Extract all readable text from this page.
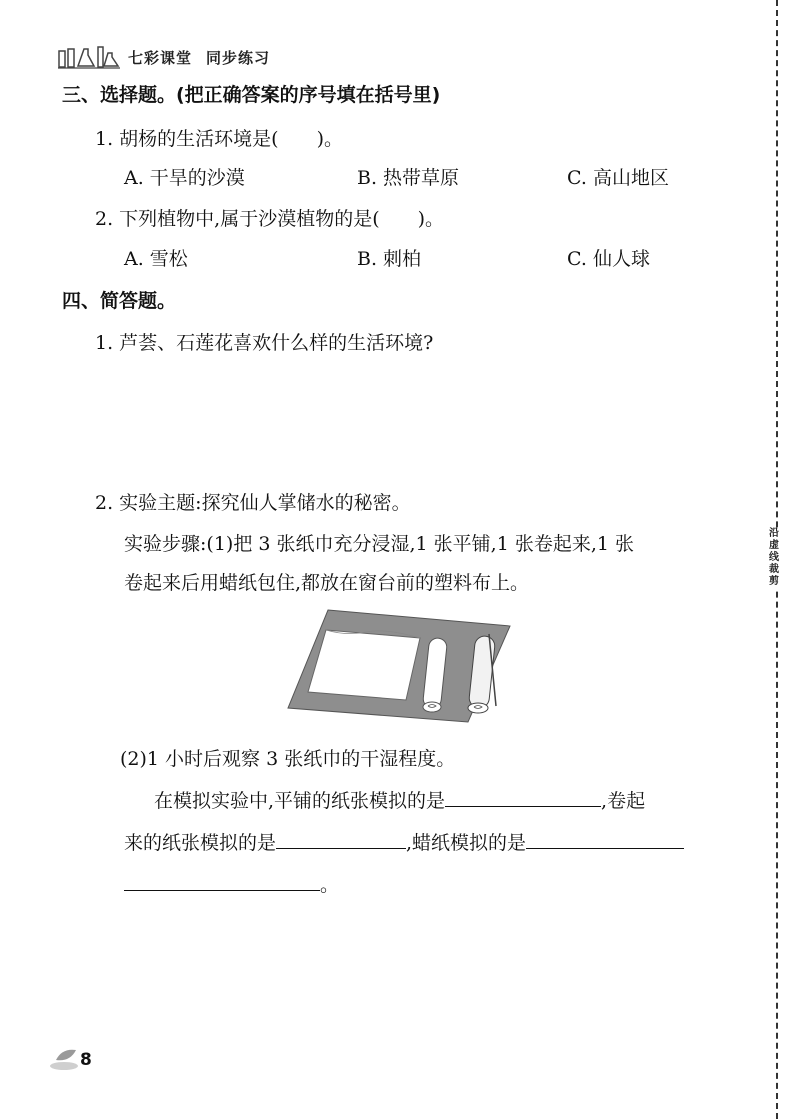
七彩课堂 同步练习
三、选择题。(把正确答案的序号填在括号里)
1. 胡杨的生活环境是(　　)。
A. 干旱的沙漠	B. 热带草原	C. 高山地区
2. 下列植物中,属于沙漠植物的是(　　)。
A. 雪松	B. 刺柏	C. 仙人球
四、简答题。
1. 芦荟、石莲花喜欢什么样的生活环境?
2. 实验主题:探究仙人掌储水的秘密。
实验步骤:(1)把 3 张纸巾充分浸湿,1 张平铺,1 张卷起来,1 张
卷起来后用蜡纸包住,都放在窗台前的塑料布上。
(2)1 小时后观察 3 张纸巾的干湿程度。
在模拟实验中,平铺的纸张模拟的是	,卷起
来的纸张模拟的是	,蜡纸模拟的是
。
沿虚线裁剪
8
